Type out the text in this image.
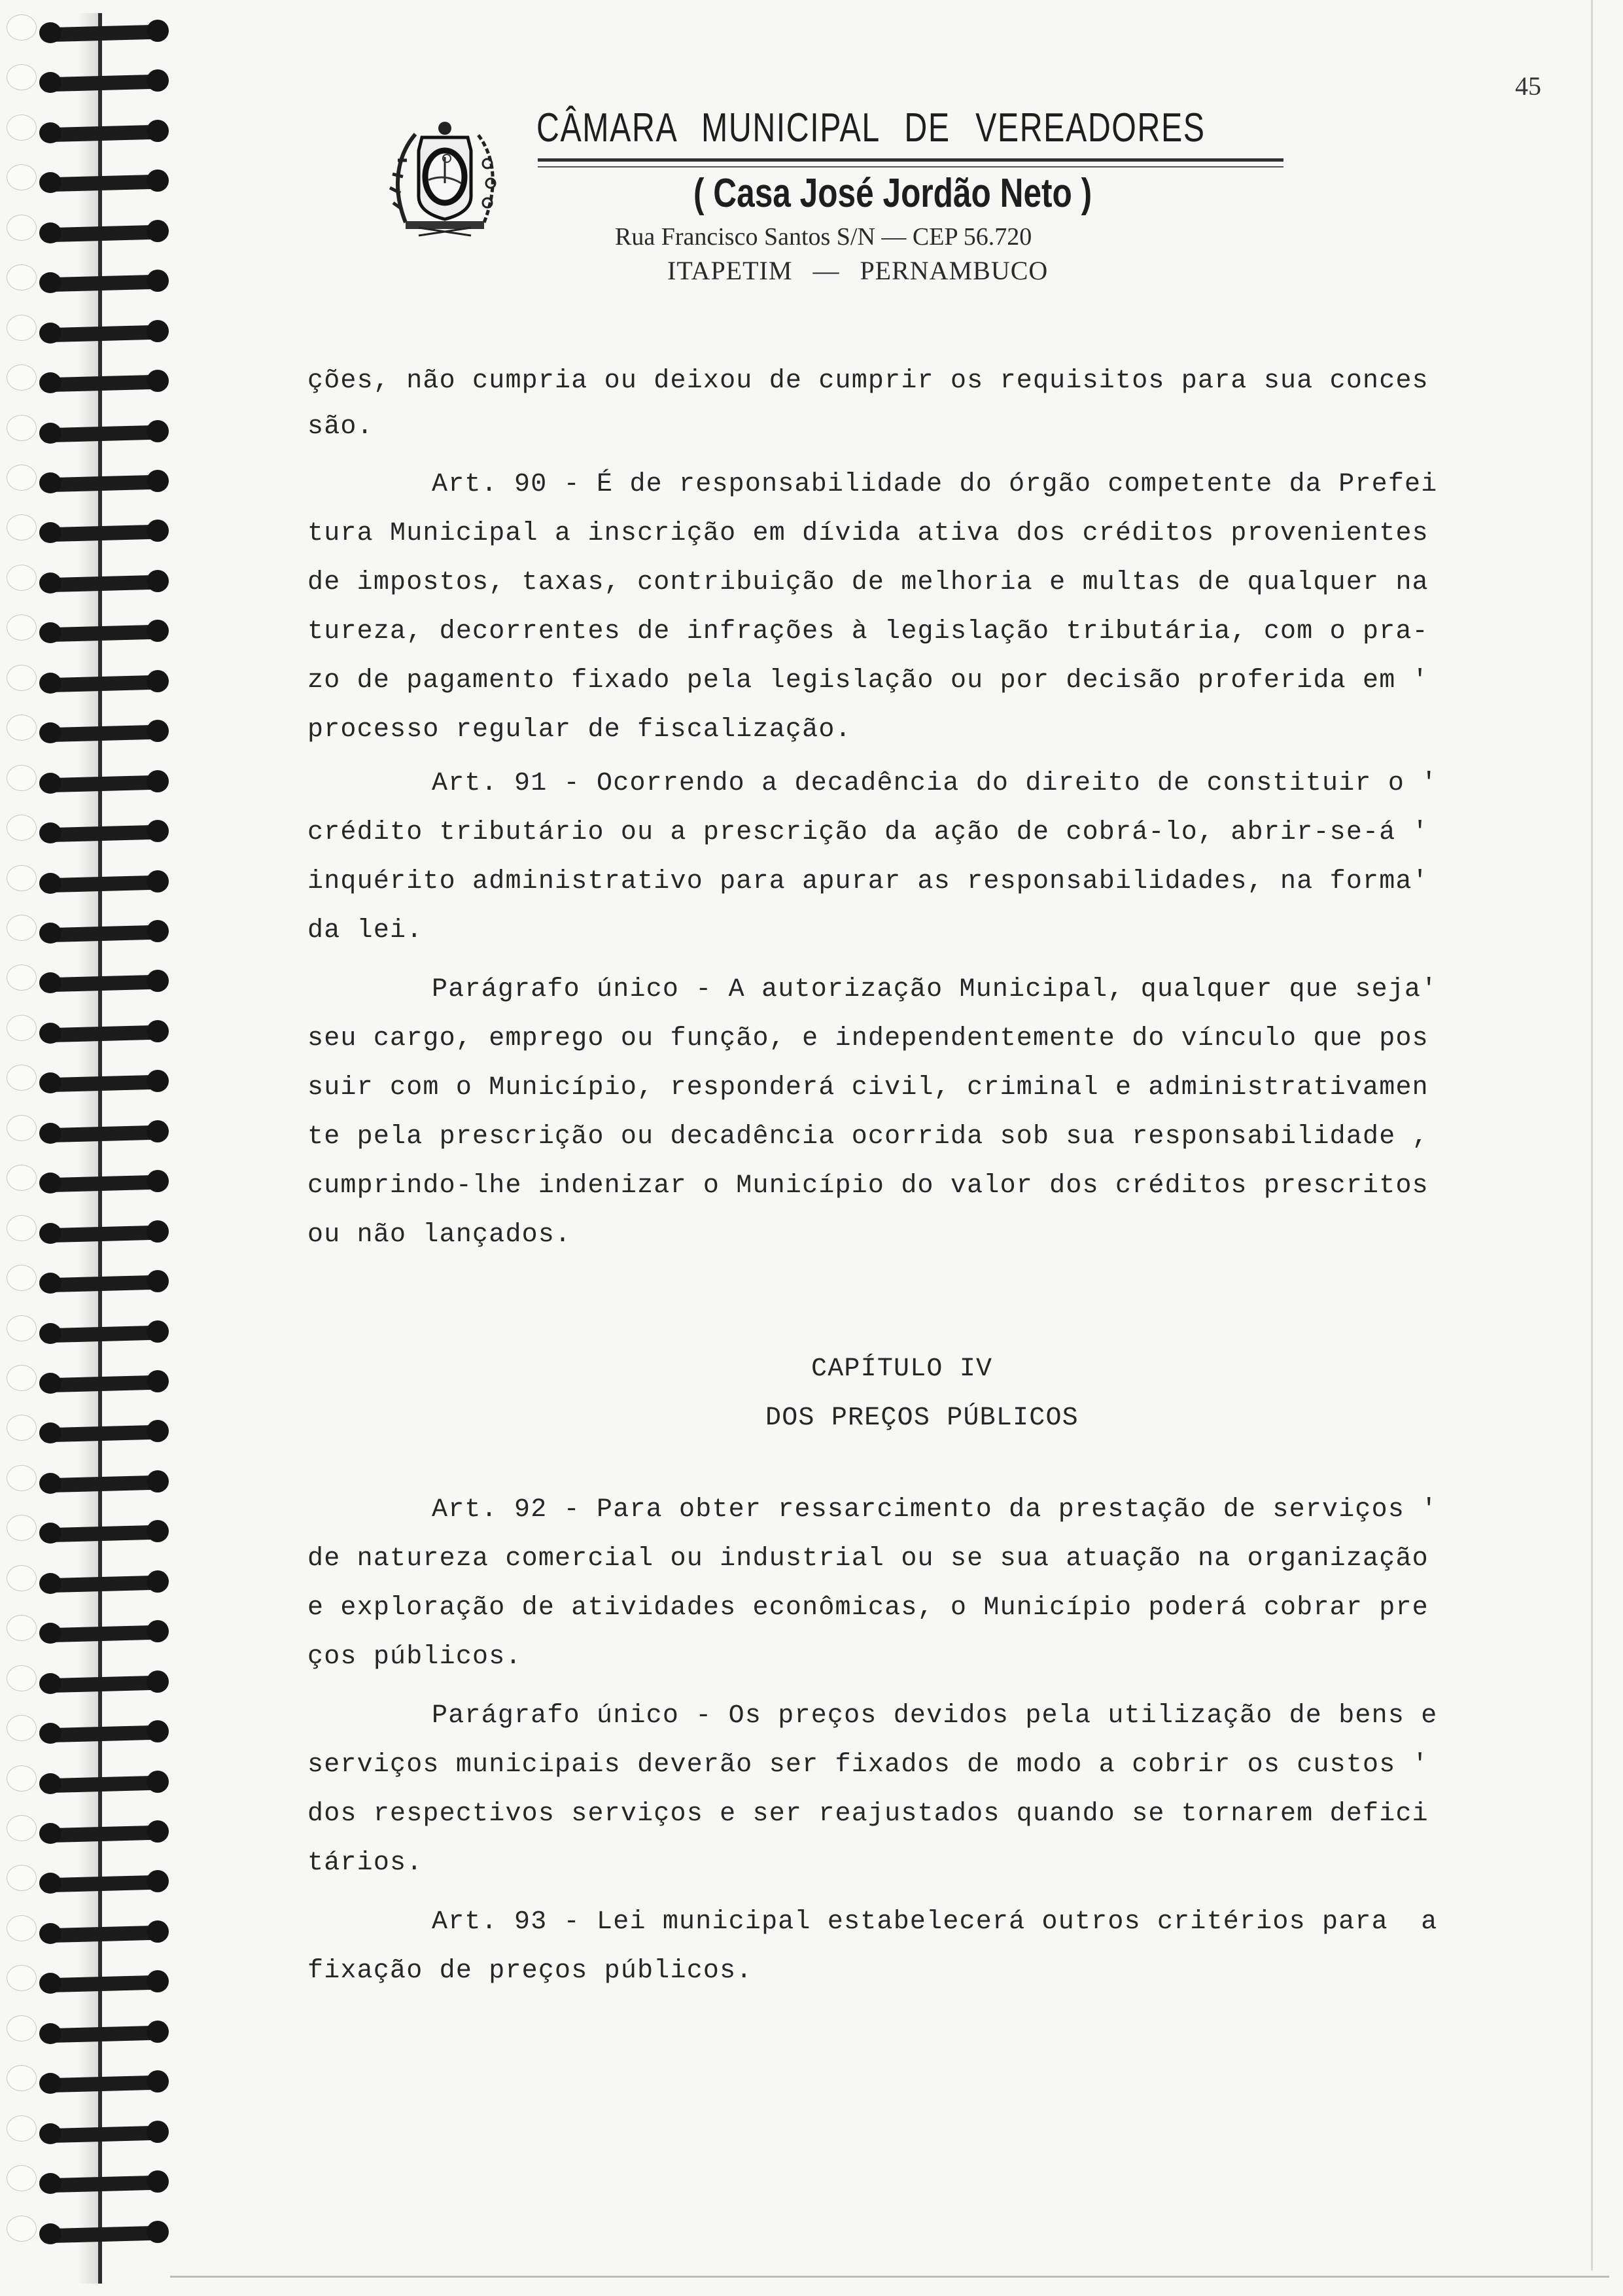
45
CÂMARA MUNICIPAL DE VEREADORES
( Casa José Jordão Neto )
Rua Francisco Santos S/N — CEP 56.720
ITAPETIM — PERNAMBUCO
ções, não cumpria ou deixou de cumprir os requisitos para sua conces
são.
Art. 90 - É de responsabilidade do órgão competente da Prefei
tura Municipal a inscrição em dívida ativa dos créditos provenientes
de impostos, taxas, contribuição de melhoria e multas de qualquer na
tureza, decorrentes de infrações à legislação tributária, com o pra-
zo de pagamento fixado pela legislação ou por decisão proferida em '
processo regular de fiscalização.
Art. 91 - Ocorrendo a decadência do direito de constituir o '
crédito tributário ou a prescrição da ação de cobrá-lo, abrir-se-á '
inquérito administrativo para apurar as responsabilidades, na forma'
da lei.
Parágrafo único - A autorização Municipal, qualquer que seja'
seu cargo, emprego ou função, e independentemente do vínculo que pos
suir com o Município, responderá civil, criminal e administrativamen
te pela prescrição ou decadência ocorrida sob sua responsabilidade ,
cumprindo-lhe indenizar o Município do valor dos créditos prescritos
ou não lançados.
CAPÍTULO IV
DOS PREÇOS PÚBLICOS
Art. 92 - Para obter ressarcimento da prestação de serviços '
de natureza comercial ou industrial ou se sua atuação na organização
e exploração de atividades econômicas, o Município poderá cobrar pre
ços públicos.
Parágrafo único - Os preços devidos pela utilização de bens e
serviços municipais deverão ser fixados de modo a cobrir os custos '
dos respectivos serviços e ser reajustados quando se tornarem defici
tários.
Art. 93 - Lei municipal estabelecerá outros critérios para  a
fixação de preços públicos.
